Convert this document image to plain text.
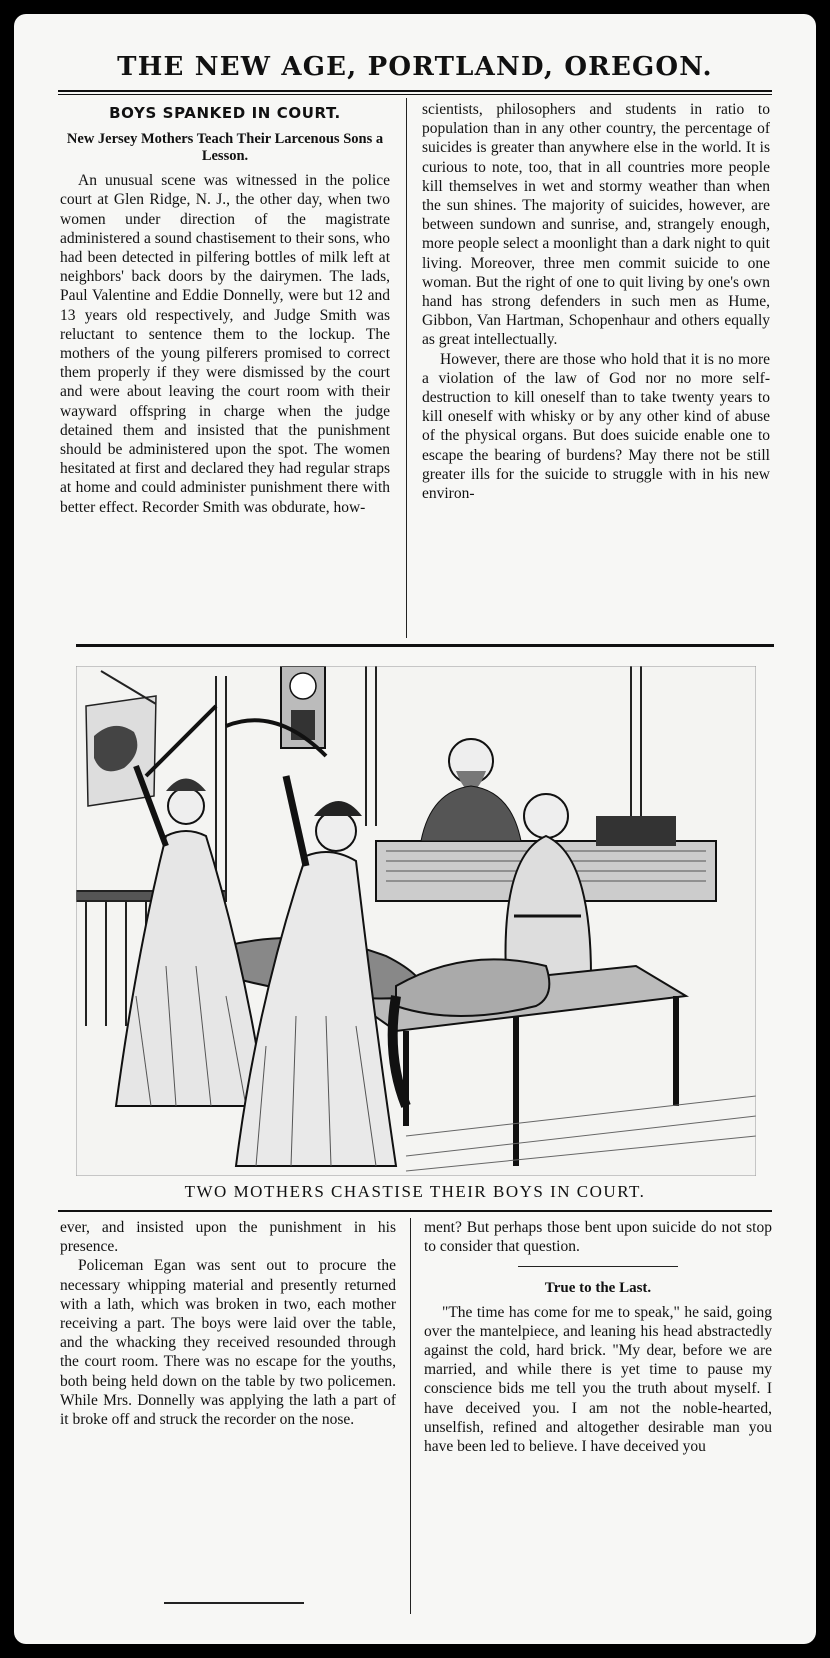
THE NEW AGE, PORTLAND, OREGON.
BOYS SPANKED IN COURT.
New Jersey Mothers Teach Their Larcenous Sons a Lesson.

An unusual scene was witnessed in the police court at Glen Ridge, N. J., the other day, when two women under direction of the magistrate administered a sound chastisement to their sons, who had been detected in pilfering bottles of milk left at neighbors' back doors by the dairymen. The lads, Paul Valentine and Eddie Donnelly, were but 12 and 13 years old respectively, and Judge Smith was reluctant to sentence them to the lockup. The mothers of the young pilferers promised to correct them properly if they were dismissed by the court and were about leaving the court room with their wayward offspring in charge when the judge detained them and insisted that the punishment should be administered upon the spot. The women hesitated at first and declared they had regular straps at home and could administer punishment there with better effect. Recorder Smith was obdurate, how-

scientists, philosophers and students in ratio to population than in any other country, the percentage of suicides is greater than anywhere else in the world. It is curious to note, too, that in all countries more people kill themselves in wet and stormy weather than when the sun shines. The majority of suicides, however, are between sundown and sunrise, and, strangely enough, more people select a moonlight than a dark night to quit living. Moreover, three men commit suicide to one woman. But the right of one to quit living by one's own hand has strong defenders in such men as Hume, Gibbon, Van Hartman, Schopenhaur and others equally as great intellectually.

However, there are those who hold that it is no more a violation of the law of God nor no more self-destruction to kill oneself than to take twenty years to kill oneself with whisky or by any other kind of abuse of the physical organs. But does suicide enable one to escape the bearing of burdens? May there not be still greater ills for the suicide to struggle with in his new environ-

TWO MOTHERS CHASTISE THEIR BOYS IN COURT.

ever, and insisted upon the punishment in his presence.

Policeman Egan was sent out to procure the necessary whipping material and presently returned with a lath, which was broken in two, each mother receiving a part. The boys were laid over the table, and the whacking they received resounded through the court room. There was no escape for the youths, both being held down on the table by two policemen. While Mrs. Donnelly was applying the lath a part of it broke off and struck the recorder on the nose.

ment? But perhaps those bent upon suicide do not stop to consider that question.

True to the Last.

"The time has come for me to speak," he said, going over the mantelpiece, and leaning his head abstractedly against the cold, hard brick. "My dear, before we are married, and while there is yet time to pause my conscience bids me tell you the truth about myself. I have deceived you. I am not the noble-hearted, unselfish, refined and altogether desirable man you have been led to believe. I have deceived you
